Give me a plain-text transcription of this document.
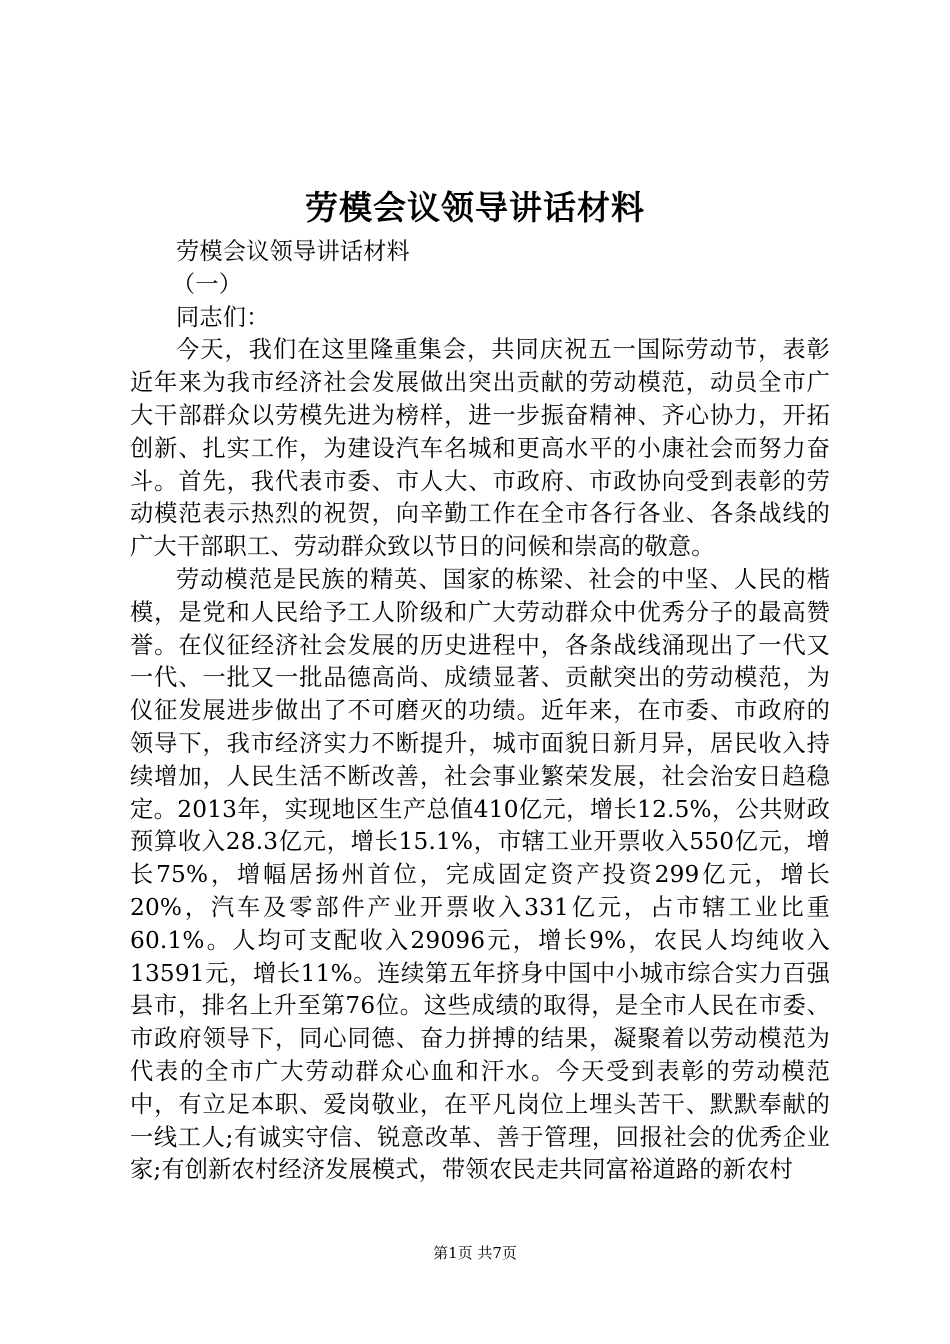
劳模会议领导讲话材料

劳模会议领导讲话材料

（一）

同志们：

今天，我们在这里隆重集会，共同庆祝五一国际劳动节，表彰近年来为我市经济社会发展做出突出贡献的劳动模范，动员全市广大干部群众以劳模先进为榜样，进一步振奋精神、齐心协力，开拓创新、扎实工作，为建设汽车名城和更高水平的小康社会而努力奋斗。首先，我代表市委、市人大、市政府、市政协向受到表彰的劳动模范表示热烈的祝贺，向辛勤工作在全市各行各业、各条战线的广大干部职工、劳动群众致以节日的问候和崇高的敬意。

劳动模范是民族的精英、国家的栋梁、社会的中坚、人民的楷模，是党和人民给予工人阶级和广大劳动群众中优秀分子的最高赞誉。在仪征经济社会发展的历史进程中，各条战线涌现出了一代又一代、一批又一批品德高尚、成绩显著、贡献突出的劳动模范，为仪征发展进步做出了不可磨灭的功绩。近年来，在市委、市政府的领导下，我市经济实力不断提升，城市面貌日新月异，居民收入持续增加，人民生活不断改善，社会事业繁荣发展，社会治安日趋稳定。2013年，实现地区生产总值410亿元，增长12.5%，公共财政预算收入28.3亿元，增长15.1%，市辖工业开票收入550亿元，增长75%，增幅居扬州首位，完成固定资产投资299亿元，增长20%，汽车及零部件产业开票收入331亿元，占市辖工业比重60.1%。人均可支配收入29096元，增长9%，农民人均纯收入13591元，增长11%。连续第五年挤身中国中小城市综合实力百强县市，排名上升至第76位。这些成绩的取得，是全市人民在市委、市政府领导下，同心同德、奋力拼搏的结果，凝聚着以劳动模范为代表的全市广大劳动群众心血和汗水。今天受到表彰的劳动模范中，有立足本职、爱岗敬业，在平凡岗位上埋头苦干、默默奉献的一线工人;有诚实守信、锐意改革、善于管理，回报社会的优秀企业家;有创新农村经济发展模式，带领农民走共同富裕道路的新农村

第1页 共7页
